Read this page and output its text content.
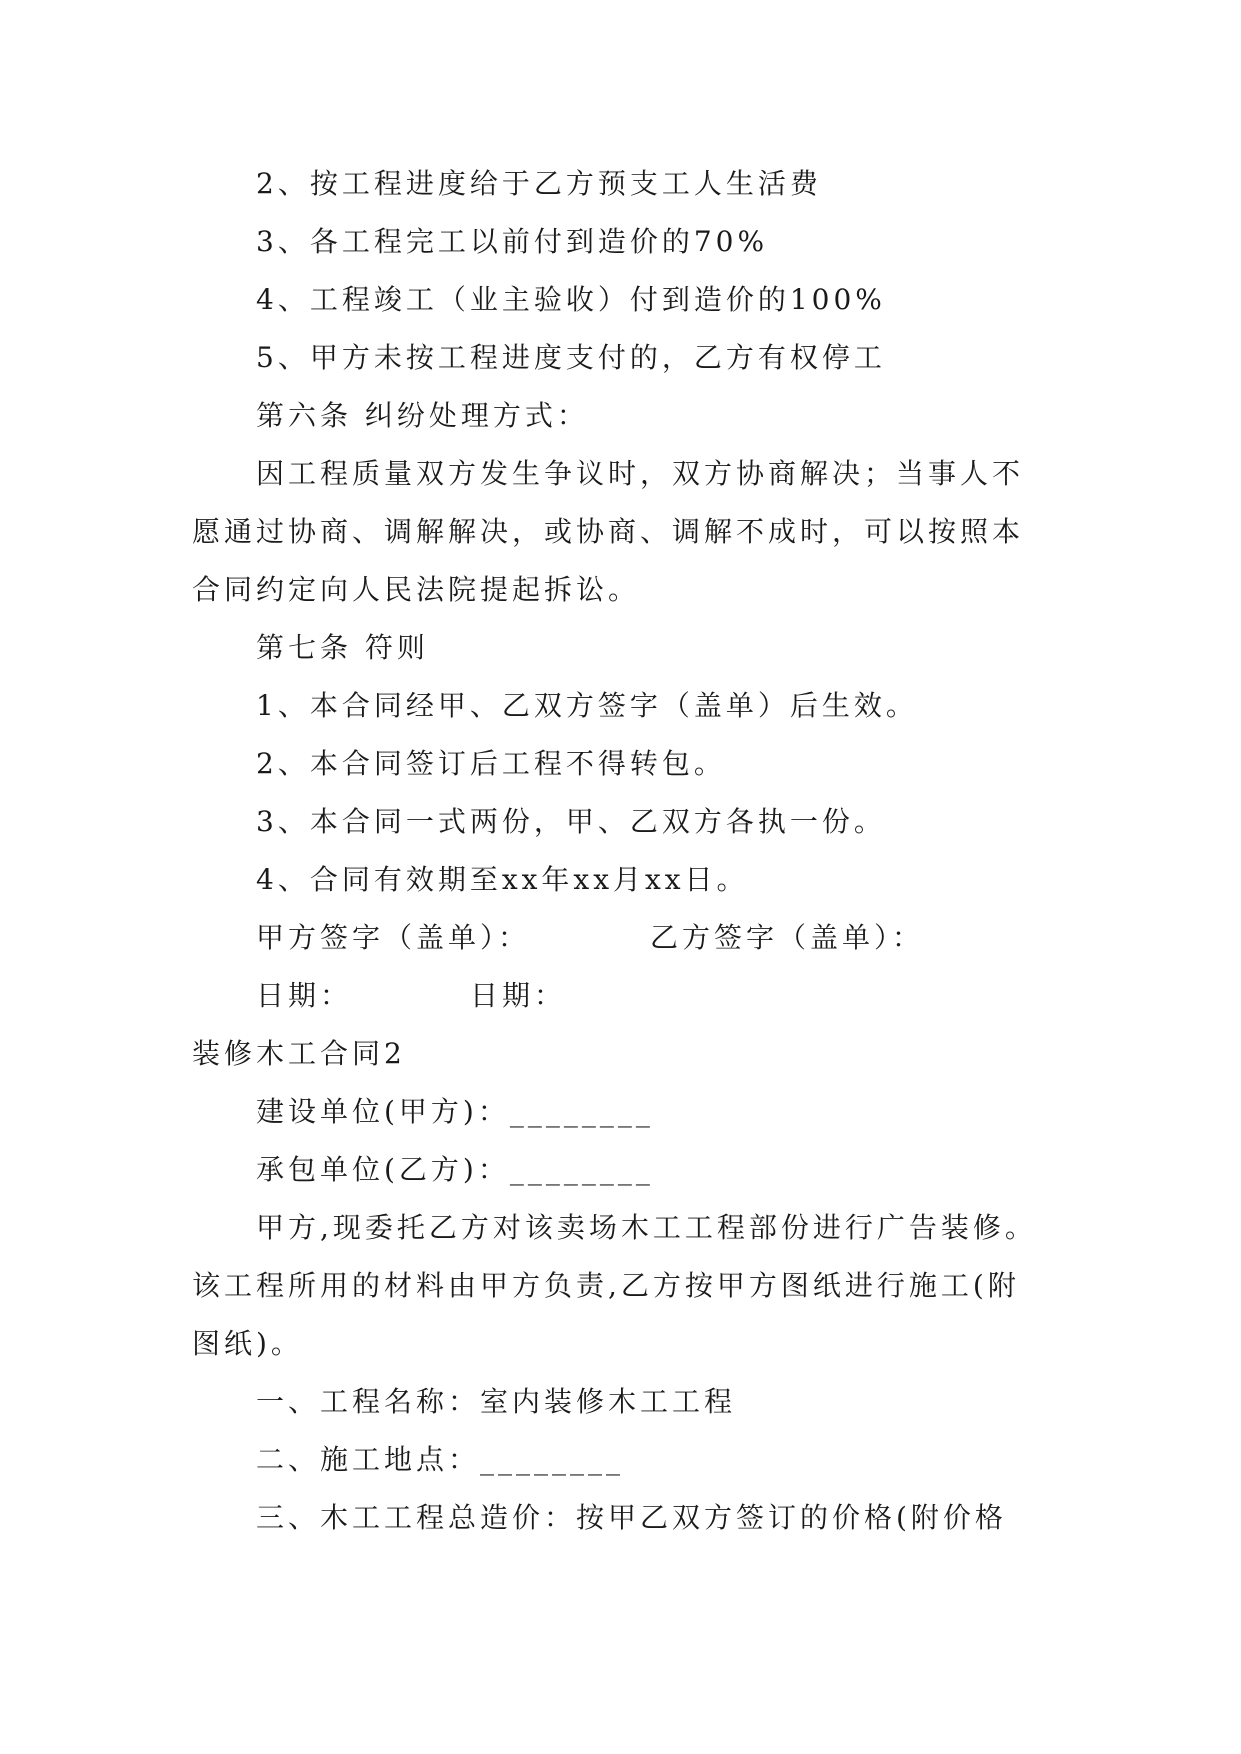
2、按工程进度给于乙方预支工人生活费
3、各工程完工以前付到造价的70%
4、工程竣工（业主验收）付到造价的100%
5、甲方未按工程进度支付的，乙方有权停工
第六条 纠纷处理方式：
因工程质量双方发生争议时，双方协商解决；当事人不
愿通过协商、调解解决，或协商、调解不成时，可以按照本
合同约定向人民法院提起拆讼。
第七条 符则
1、本合同经甲、乙双方签字（盖单）后生效。
2、本合同签订后工程不得转包。
3、本合同一式两份，甲、乙双方各执一份。
4、合同有效期至xx年xx月xx日。
甲方签字（盖单）：	乙方签字（盖单）：
日期：	日期：
装修木工合同2
建设单位(甲方)：________
承包单位(乙方)：________
甲方,现委托乙方对该卖场木工工程部份进行广告装修。
该工程所用的材料由甲方负责,乙方按甲方图纸进行施工(附
图纸)。
一、工程名称：室内装修木工工程
二、施工地点：________
三、木工工程总造价：按甲乙双方签订的价格(附价格
